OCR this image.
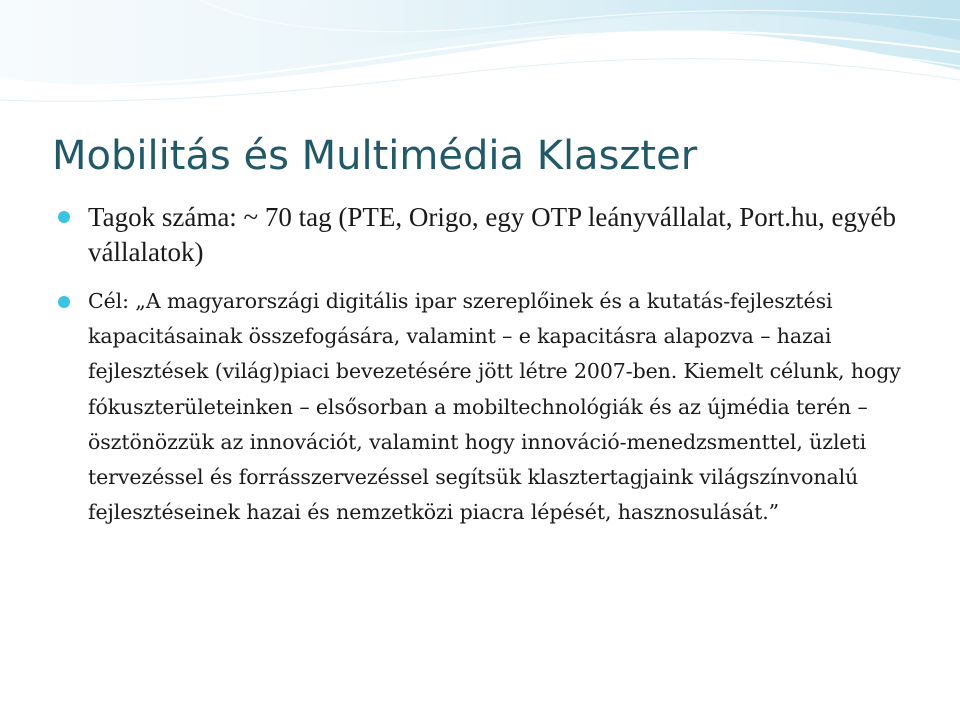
Mobilitás és Multimédia Klaszter
Tagok száma: ~ 70 tag (PTE, Origo, egy OTP leányvállalat, Port.hu, egyéb vállalatok)
Cél: „A magyarországi digitális ipar szereplőinek és a kutatás-fejlesztési kapacitásainak összefogására, valamint – e kapacitásra alapozva – hazai fejlesztések (világ)piaci bevezetésére jött létre 2007-ben. Kiemelt célunk, hogy fókuszterületeinken – elsősorban a mobiltechnológiák és az újmédia terén – ösztönözzük az innovációt, valamint hogy innováció-menedzsmenttel, üzleti tervezéssel és forrásszervezéssel segítsük klasztertagjaink világszínvonalú fejlesztéseinek hazai és nemzetközi piacra lépését, hasznosulását.”
